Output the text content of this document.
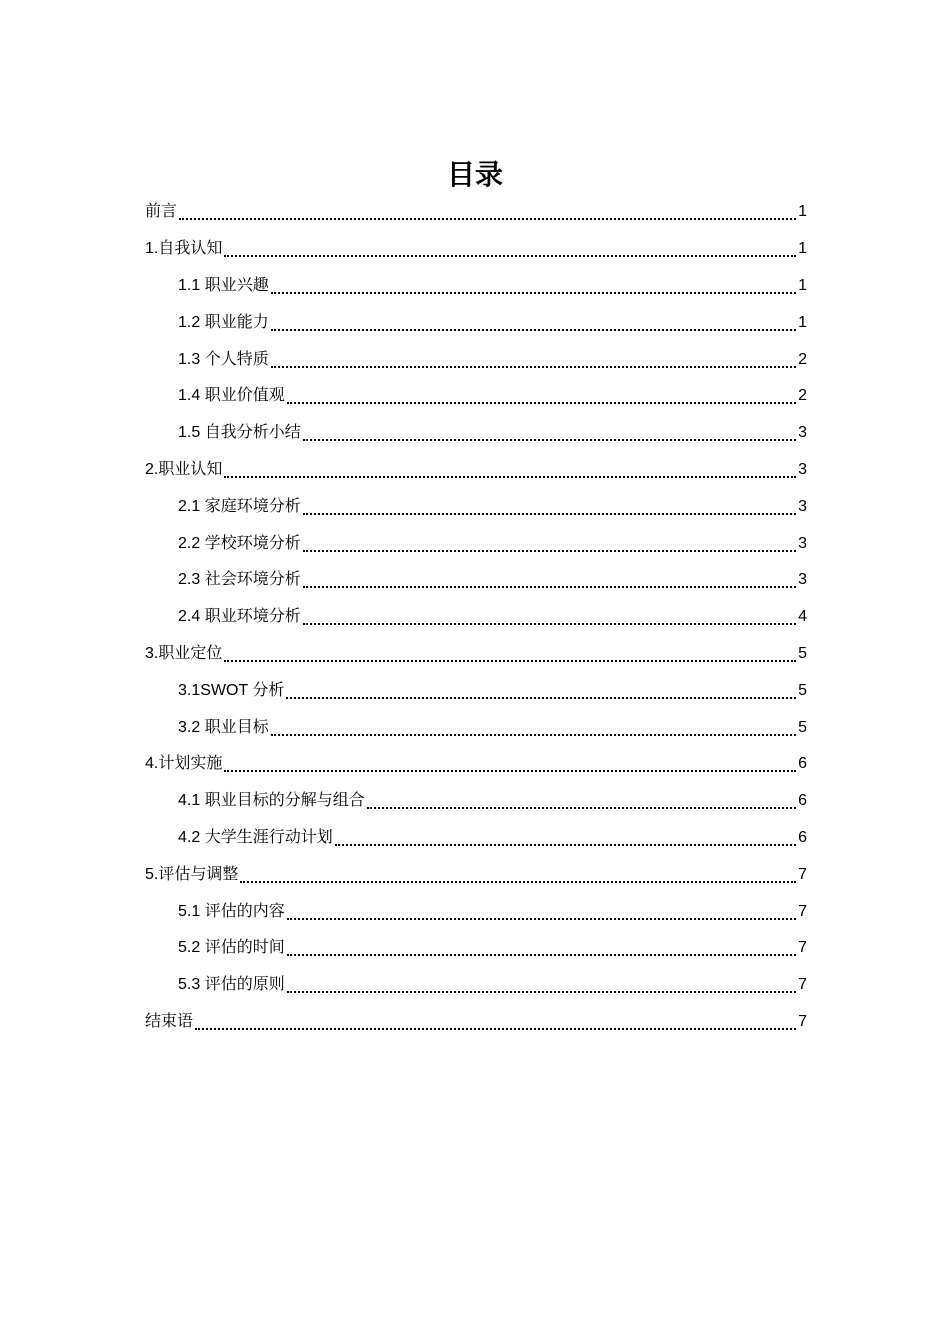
目录
前言	1
1.自我认知	1
1.1 职业兴趣	1
1.2 职业能力	1
1.3 个人特质	2
1.4 职业价值观	2
1.5 自我分析小结	3
2.职业认知	3
2.1 家庭环境分析	3
2.2 学校环境分析	3
2.3 社会环境分析	3
2.4 职业环境分析	4
3.职业定位	5
3.1SWOT 分析	5
3.2 职业目标	5
4.计划实施	6
4.1 职业目标的分解与组合	6
4.2 大学生涯行动计划	6
5.评估与调整	7
5.1 评估的内容	7
5.2 评估的时间	7
5.3 评估的原则	7
结束语	7
